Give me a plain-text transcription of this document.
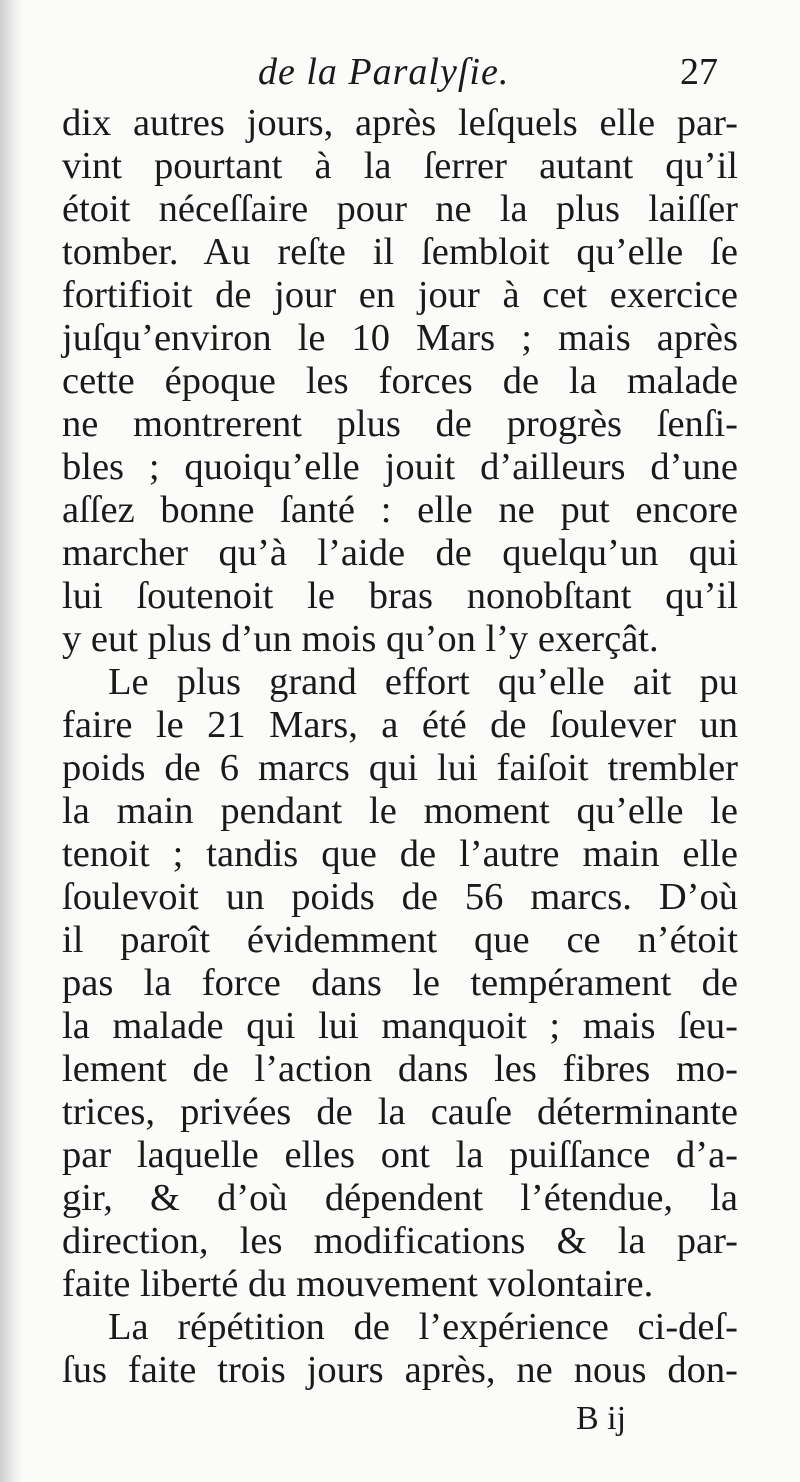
de la Paralyſie.	27
dix autres jours, après leſquels elle par-
vint pourtant à la ſerrer autant qu’il
étoit néceſſaire pour ne la plus laiſſer
tomber. Au reſte il ſembloit qu’elle ſe
fortifioit de jour en jour à cet exercice
juſqu’environ le 10 Mars ; mais après
cette époque les forces de la malade
ne montrerent plus de progrès ſenſi-
bles ; quoiqu’elle jouit d’ailleurs d’une
aſſez bonne ſanté : elle ne put encore
marcher qu’à l’aide de quelqu’un qui
lui ſoutenoit le bras nonobſtant qu’il
y eut plus d’un mois qu’on l’y exerçât.
Le plus grand effort qu’elle ait pu
faire le 21 Mars, a été de ſoulever un
poids de 6 marcs qui lui faiſoit trembler
la main pendant le moment qu’elle le
tenoit ; tandis que de l’autre main elle
ſoulevoit un poids de 56 marcs. D’où
il paroît évidemment que ce n’étoit
pas la force dans le tempérament de
la malade qui lui manquoit ; mais ſeu-
lement de l’action dans les fibres mo-
trices, privées de la cauſe déterminante
par laquelle elles ont la puiſſance d’a-
gir, & d’où dépendent l’étendue, la
direction, les modifications & la par-
faite liberté du mouvement volontaire.
La répétition de l’expérience ci-deſ-
ſus faite trois jours après, ne nous don-
B ij
